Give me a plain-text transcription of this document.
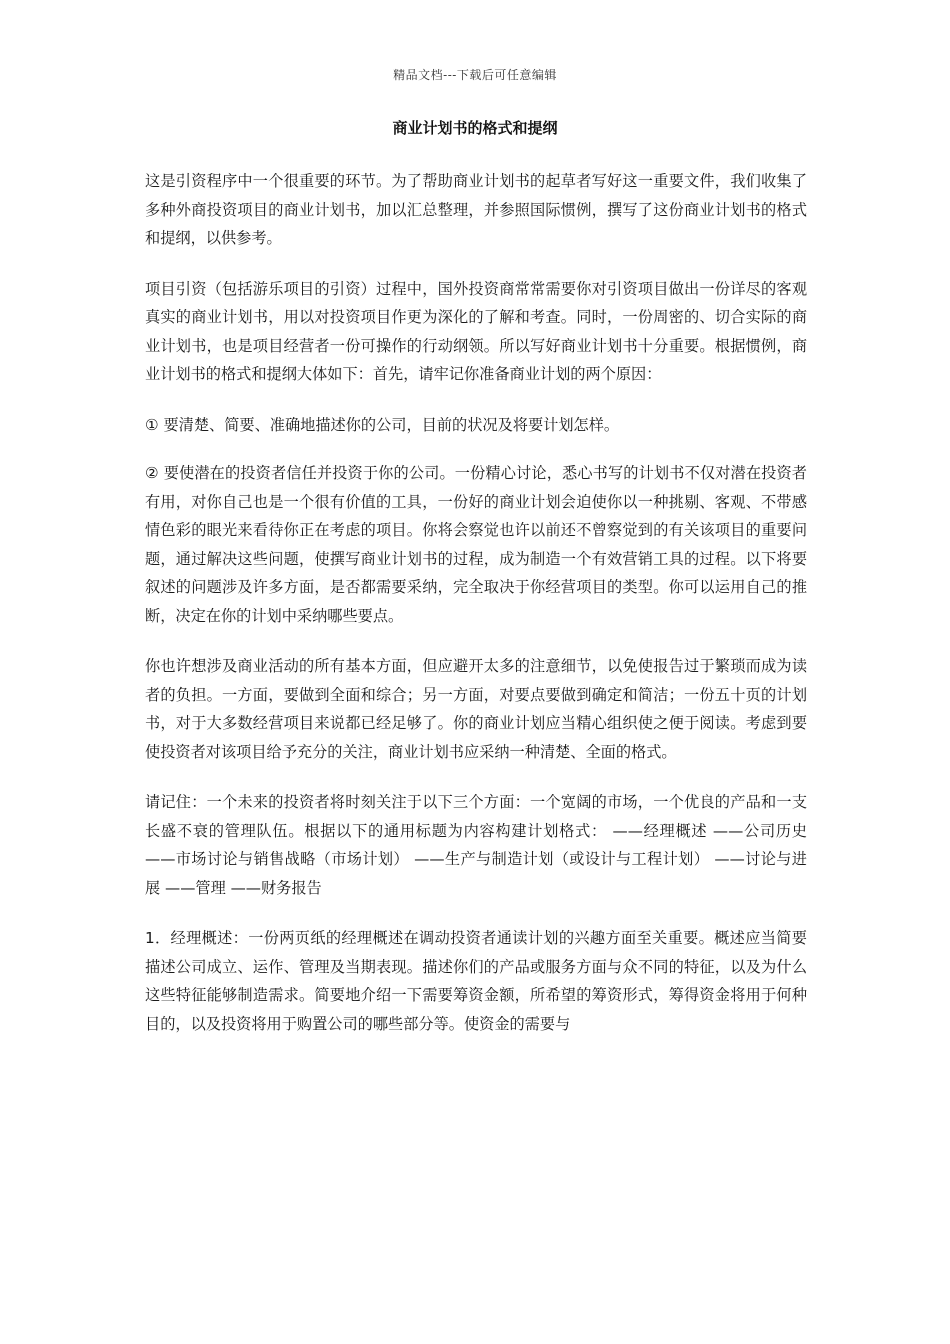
精品文档---下载后可任意编辑
商业计划书的格式和提纲

这是引资程序中一个很重要的环节。为了帮助商业计划书的起草者写好这一重要文件，我们收集了多种外商投资项目的商业计划书，加以汇总整理，并参照国际惯例，撰写了这份商业计划书的格式和提纲，以供参考。

项目引资（包括游乐项目的引资）过程中，国外投资商常常需要你对引资项目做出一份详尽的客观真实的商业计划书，用以对投资项目作更为深化的了解和考查。同时，一份周密的、切合实际的商业计划书，也是项目经营者一份可操作的行动纲领。所以写好商业计划书十分重要。根据惯例，商业计划书的格式和提纲大体如下：首先，请牢记你准备商业计划的两个原因：

① 要清楚、简要、准确地描述你的公司，目前的状况及将要计划怎样。

② 要使潜在的投资者信任并投资于你的公司。一份精心讨论，悉心书写的计划书不仅对潜在投资者有用，对你自己也是一个很有价值的工具，一份好的商业计划会迫使你以一种挑剔、客观、不带感情色彩的眼光来看待你正在考虑的项目。你将会察觉也许以前还不曾察觉到的有关该项目的重要问题，通过解决这些问题，使撰写商业计划书的过程，成为制造一个有效营销工具的过程。以下将要叙述的问题涉及许多方面，是否都需要采纳，完全取决于你经营项目的类型。你可以运用自己的推断，决定在你的计划中采纳哪些要点。

你也许想涉及商业活动的所有基本方面，但应避开太多的注意细节，以免使报告过于繁琐而成为读者的负担。一方面，要做到全面和综合；另一方面，对要点要做到确定和简洁；一份五十页的计划书，对于大多数经营项目来说都已经足够了。你的商业计划应当精心组织使之便于阅读。考虑到要使投资者对该项目给予充分的关注，商业计划书应采纳一种清楚、全面的格式。

请记住：一个未来的投资者将时刻关注于以下三个方面：一个宽阔的市场，一个优良的产品和一支长盛不衰的管理队伍。根据以下的通用标题为内容构建计划格式： ——经理概述 ——公司历史 ——市场讨论与销售战略（市场计划） ——生产与制造计划（或设计与工程计划） ——讨论与进展 ——管理 ——财务报告

1．经理概述：一份两页纸的经理概述在调动投资者通读计划的兴趣方面至关重要。概述应当简要描述公司成立、运作、管理及当期表现。描述你们的产品或服务方面与众不同的特征，以及为什么这些特征能够制造需求。简要地介绍一下需要筹资金额，所希望的筹资形式，筹得资金将用于何种目的，以及投资将用于购置公司的哪些部分等。使资金的需要与
